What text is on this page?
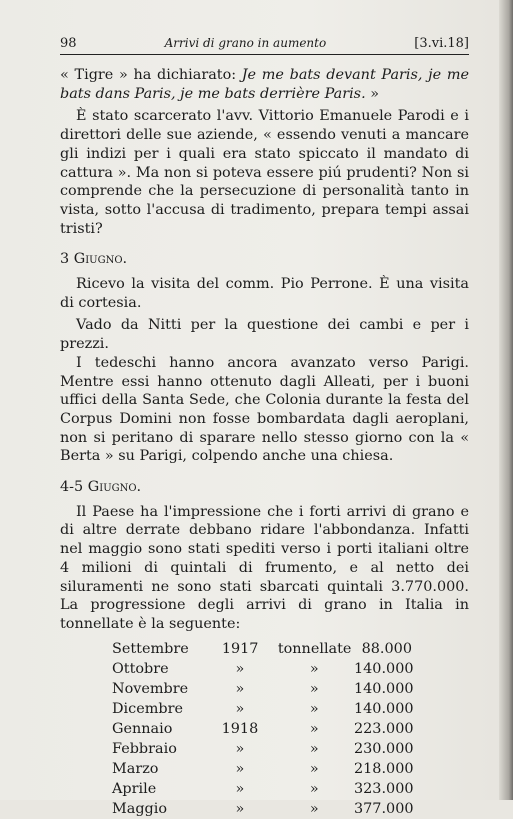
98	Arrivi di grano in aumento	[3.vi.18]

« Tigre » ha dichiarato: Je me bats devant Paris, je me bats dans Paris, je me bats derrière Paris. »

È stato scarcerato l'avv. Vittorio Emanuele Parodi e i direttori delle sue aziende, « essendo venuti a mancare gli indizi per i quali era stato spiccato il mandato di cattura ». Ma non si poteva essere piú prudenti? Non si comprende che la persecuzione di personalità tanto in vista, sotto l'accusa di tradimento, prepara tempi assai tristi?

3 Giugno.

Ricevo la visita del comm. Pio Perrone. È una visita di cortesia.

Vado da Nitti per la questione dei cambi e per i prezzi.

I tedeschi hanno ancora avanzato verso Parigi. Mentre essi hanno ottenuto dagli Alleati, per i buoni uffici della Santa Sede, che Colonia durante la festa del Corpus Domini non fosse bombardata dagli aeroplani, non si peritano di sparare nello stesso giorno con la « Berta » su Parigi, colpendo anche una chiesa.

4-5 Giugno.

Il Paese ha l'impressione che i forti arrivi di grano e di altre derrate debbano ridare l'abbondanza. Infatti nel maggio sono stati spediti verso i porti italiani oltre 4 milioni di quintali di frumento, e al netto dei siluramenti ne sono stati sbarcati quintali 3.770.000. La progressione degli arrivi di grano in Italia in tonnellate è la seguente:

Settembre	1917	tonnellate 88.000
Ottobre	»	»	140.000
Novembre	»	»	140.000
Dicembre	»	»	140.000
Gennaio	1918	»	223.000
Febbraio	»	»	230.000
Marzo	»	»	218.000
Aprile	»	»	323.000
Maggio	»	»	377.000
